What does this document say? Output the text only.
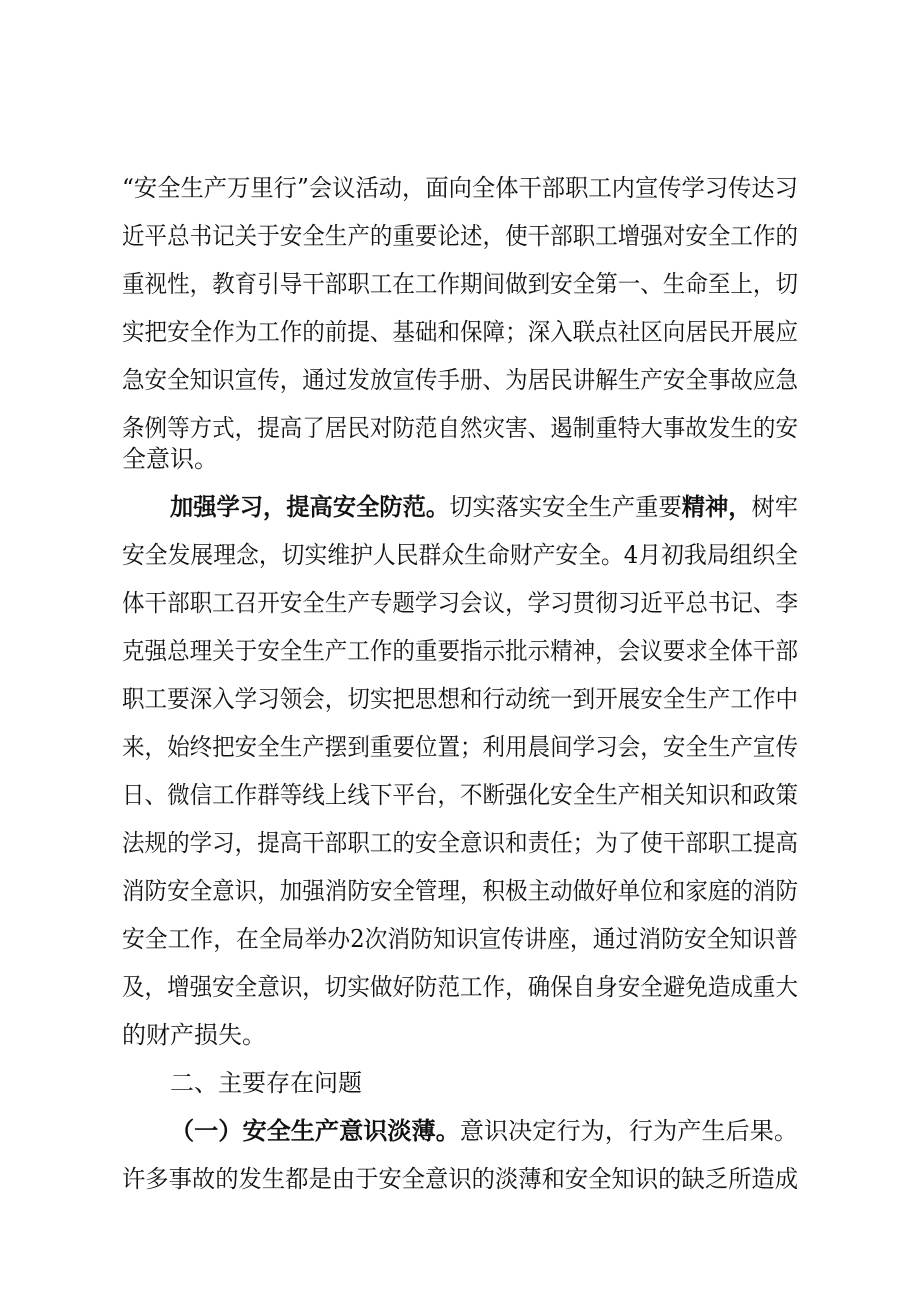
“安全生产万里行”会议活动，面向全体干部职工内宣传学习传达习
近平总书记关于安全生产的重要论述，使干部职工增强对安全工作的
重视性，教育引导干部职工在工作期间做到安全第一、生命至上，切
实把安全作为工作的前提、基础和保障；深入联点社区向居民开展应
急安全知识宣传，通过发放宣传手册、为居民讲解生产安全事故应急
条例等方式，提高了居民对防范自然灾害、遏制重特大事故发生的安
全意识。
加强学习，提高安全防范。切实落实安全生产重要精神，树牢
安全发展理念，切实维护人民群众生命财产安全。4月初我局组织全
体干部职工召开安全生产专题学习会议，学习贯彻习近平总书记、李
克强总理关于安全生产工作的重要指示批示精神，会议要求全体干部
职工要深入学习领会，切实把思想和行动统一到开展安全生产工作中
来，始终把安全生产摆到重要位置；利用晨间学习会，安全生产宣传
日、微信工作群等线上线下平台，不断强化安全生产相关知识和政策
法规的学习，提高干部职工的安全意识和责任；为了使干部职工提高
消防安全意识，加强消防安全管理，积极主动做好单位和家庭的消防
安全工作，在全局举办2次消防知识宣传讲座，通过消防安全知识普
及，增强安全意识，切实做好防范工作，确保自身安全避免造成重大
的财产损失。
二、主要存在问题
（一）安全生产意识淡薄。意识决定行为，行为产生后果。
许多事故的发生都是由于安全意识的淡薄和安全知识的缺乏所造成
